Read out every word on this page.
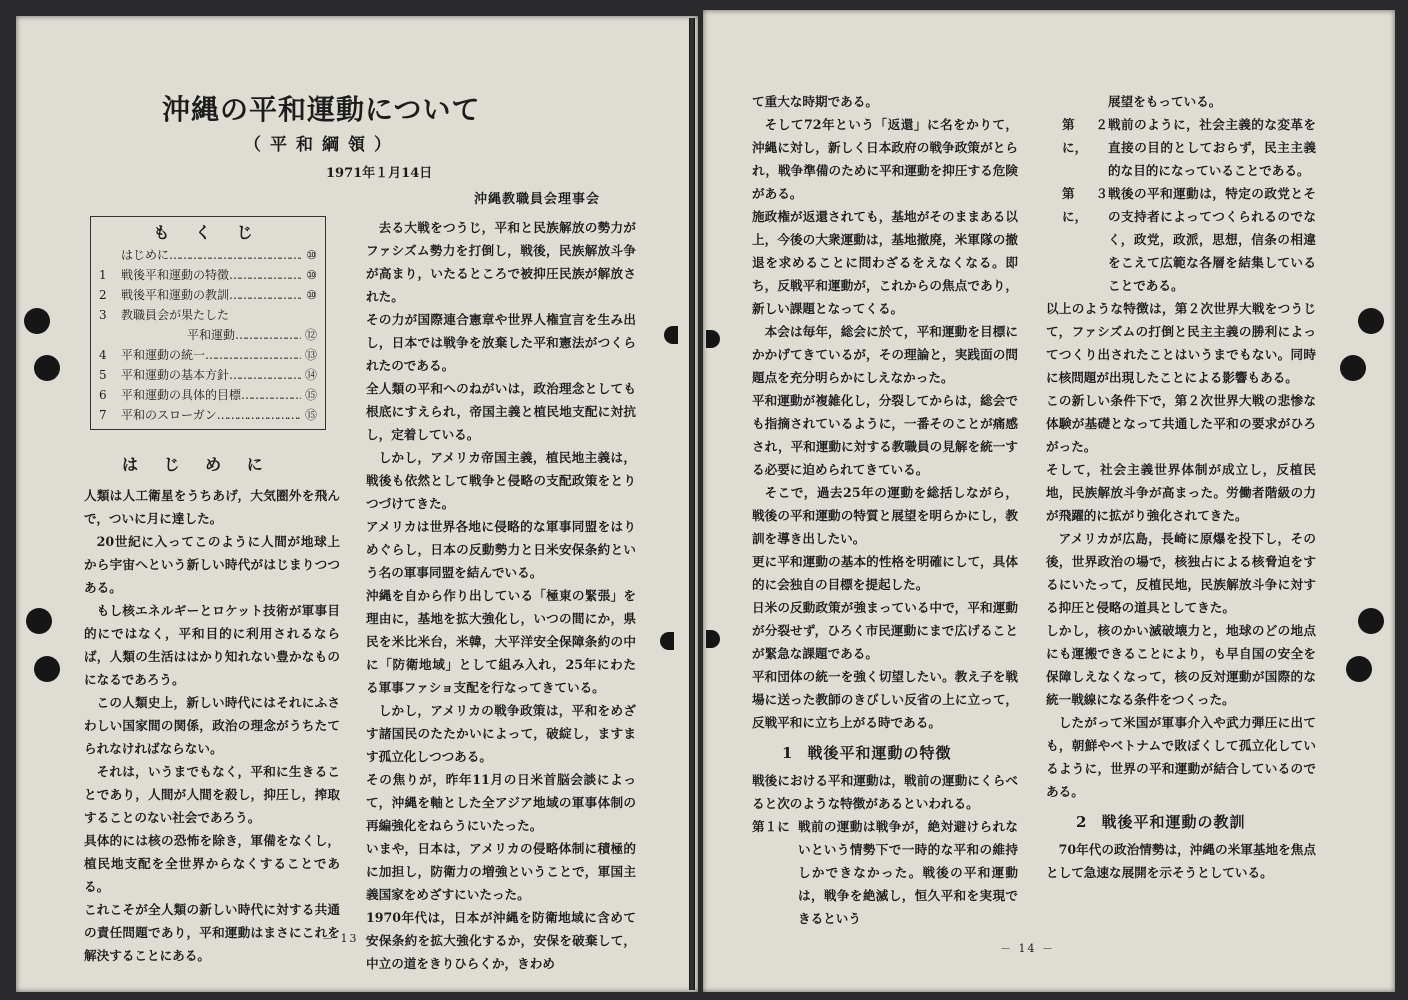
沖縄の平和運動について
（平和綱領）
1971年１月14日
沖縄教職員会理事会
も く じ
はじめに ……………………………………	⑩
1	戦後平和運動の特徴 ……………………………………	⑩
2	戦後平和運動の教訓 ……………………………………	⑩
3	教職員会が果たした
平和運動 ……………………………………	⑫
4	平和運動の統一 ……………………………………	⑬
5	平和運動の基本方針 ……………………………………	⑭
6	平和運動の具体的目標 ……………………………………	⑮
7	平和のスローガン ……………………………………	⑮
は じ め に

人類は人工衛星をうちあげ，大気圏外を飛んで，ついに月に達した。

20世紀に入ってこのように人間が地球上から宇宙へという新しい時代がはじまりつつある。

もし核エネルギーとロケット技術が軍事目的にではなく，平和目的に利用されるならば，人類の生活ははかり知れない豊かなものになるであろう。

この人類史上，新しい時代にはそれにふさわしい国家間の関係，政治の理念がうちたてられなければならない。

それは，いうまでもなく，平和に生きることであり，人間が人間を殺し，抑圧し，搾取することのない社会であろう。

具体的には核の恐怖を除き，軍備をなくし，植民地支配を全世界からなくすることである。

これこそが全人類の新しい時代に対する共通の責任問題であり，平和運動はまさにこれを解決することにある。

去る大戦をつうじ，平和と民族解放の勢力がファシズム勢力を打倒し，戦後，民族解放斗争が高まり，いたるところで被抑圧民族が解放された。

その力が国際連合憲章や世界人権宣言を生み出し，日本では戦争を放棄した平和憲法がつくられたのである。

全人類の平和へのねがいは，政治理念としても根底にすえられ，帝国主義と植民地支配に対抗し，定着している。

しかし，アメリカ帝国主義，植民地主義は，戦後も依然として戦争と侵略の支配政策をとりつづけてきた。

アメリカは世界各地に侵略的な軍事同盟をはりめぐらし，日本の反動勢力と日米安保条約という名の軍事同盟を結んでいる。

沖縄を自から作り出している「極東の緊張」を理由に，基地を拡大強化し，いつの間にか，県民を米比米台，米韓，大平洋安全保障条約の中に「防衛地域」として組み入れ，25年にわたる軍事ファショ支配を行なってきている。

しかし，アメリカの戦争政策は，平和をめざす諸国民のたたかいによって，破綻し，ますます孤立化しつつある。

その焦りが，昨年11月の日米首脳会談によって，沖縄を軸とした全アジア地域の軍事体制の再編強化をねらうにいたった。

いまや，日本は，アメリカの侵略体制に積極的に加担し，防衛力の増強ということで，軍国主義国家をめざすにいたった。

1970年代は，日本が沖縄を防衛地域に含めて安保条約を拡大強化するか，安保を破棄して，中立の道をきりひらくか，きわめ

－ 13 －

て重大な時期である。

そして72年という「返還」に名をかりて，沖縄に対し，新しく日本政府の戦争政策がとられ，戦争準備のために平和運動を抑圧する危険がある。

施政権が返還されても，基地がそのままある以上，今後の大衆運動は，基地撤廃，米軍隊の撤退を求めることに問わざるをえなくなる。即ち，反戦平和運動が，これからの焦点であり，新しい課題となってくる。

本会は毎年，総会に於て，平和運動を目標にかかげてきているが，その理論と，実践面の問題点を充分明らかにしえなかった。

平和運動が複雑化し，分裂してからは，総会でも指摘されているように，一番そのことが痛感され，平和運動に対する教職員の見解を統一する必要に迫められてきている。

そこで，過去25年の運動を総括しながら，戦後の平和運動の特質と展望を明らかにし，教訓を導き出したい。

更に平和運動の基本的性格を明確にして，具体的に会独自の目標を提起した。

日米の反動政策が強まっている中で，平和運動が分裂せず，ひろく市民運動にまで広げることが緊急な課題である。

平和団体の統一を強く切望したい。教え子を戦場に送った教師のきびしい反省の上に立って，反戦平和に立ち上がる時である。

1 戦後平和運動の特徴

戦後における平和運動は，戦前の運動にくらべると次のような特徴があるといわれる。

第１に 戦前の運動は戦争が，絶対避けられないという情勢下で一時的な平和の維持しかできなかった。戦後の平和運動は，戦争を絶滅し，恒久平和を実現できるという

展望をもっている。

第２に，
戦前のように，社会主義的な変革を直接の目的としておらず，民主主義的な目的になっていることである。
第３に，
戦後の平和運動は，特定の政党とその支持者によってつくられるのでなく，政党，政派，思想，信条の相違をこえて広範な各層を結集していることである。

以上のような特徴は，第２次世界大戦をつうじて，ファシズムの打倒と民主主義の勝利によってつくり出されたことはいうまでもない。同時に核問題が出現したことによる影響もある。

この新しい条件下で，第２次世界大戦の悲惨な体験が基礎となって共通した平和の要求がひろがった。

そして，社会主義世界体制が成立し，反植民地，民族解放斗争が高まった。労働者階級の力が飛躍的に拡がり強化されてきた。

アメリカが広島，長崎に原爆を投下し，その後，世界政治の場で，核独占による核脅迫をするにいたって，反植民地，民族解放斗争に対する抑圧と侵略の道具としてきた。

しかし，核のかい滅破壊力と，地球のどの地点にも運搬できることにより，も早自国の安全を保障しえなくなって，核の反対運動が国際的な統一戦線になる条件をつくった。

したがって米国が軍事介入や武力弾圧に出ても，朝鮮やベトナムで敗ぼくして孤立化しているように，世界の平和運動が結合しているのである。

2 戦後平和運動の教訓

70年代の政治情勢は，沖縄の米軍基地を焦点として急速な展開を示そうとしている。

－ 14 －
